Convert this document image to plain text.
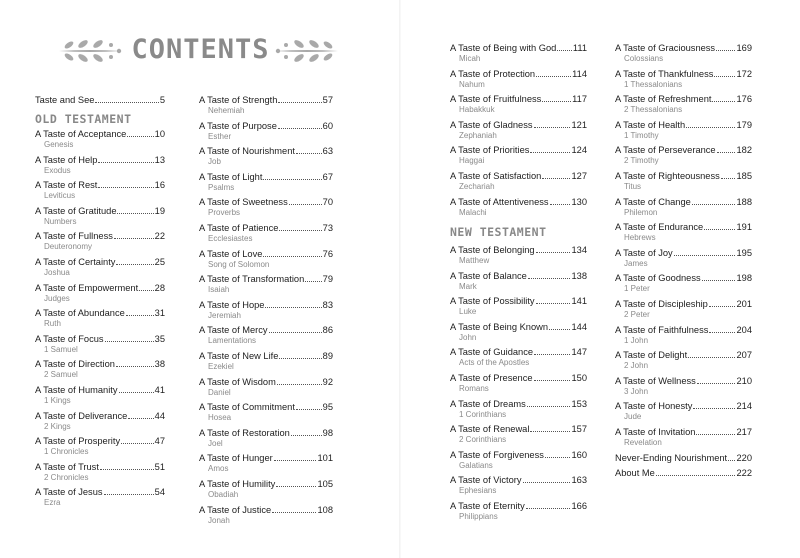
CONTENTS
Taste and See	5
OLD TESTAMENT
A Taste of Acceptance	10
Genesis
A Taste of Help	13
Exodus
A Taste of Rest	16
Leviticus
A Taste of Gratitude	19
Numbers
A Taste of Fullness	22
Deuteronomy
A Taste of Certainty	25
Joshua
A Taste of Empowerment 28
Judges
A Taste of Abundance	31
Ruth
A Taste of Focus	35
1 Samuel
A Taste of Direction	38
2 Samuel
A Taste of Humanity	41
1 Kings
A Taste of Deliverance	44
2 Kings
A Taste of Prosperity	47
1 Chronicles
A Taste of Trust	51
2 Chronicles
A Taste of Jesus	54
Ezra
A Taste of Strength	57
Nehemiah
A Taste of Purpose	60
Esther
A Taste of Nourishment	63
Job
A Taste of Light	67
Psalms
A Taste of Sweetness	70
Proverbs
A Taste of Patience	73
Ecclesiastes
A Taste of Love	76
Song of Solomon
A Taste of Transformation 79
Isaiah
A Taste of Hope	83
Jeremiah
A Taste of Mercy	86
Lamentations
A Taste of New Life	89
Ezekiel
A Taste of Wisdom	92
Daniel
A Taste of Commitment	95
Hosea
A Taste of Restoration	98
Joel
A Taste of Hunger	101
Amos
A Taste of Humility	105
Obadiah
A Taste of Justice	108
Jonah
A Taste of Being with God 111
Micah
A Taste of Protection	114
Nahum
A Taste of Fruitfulness	117
Habakkuk
A Taste of Gladness	121
Zephaniah
A Taste of Priorities	124
Haggai
A Taste of Satisfaction	127
Zechariah
A Taste of Attentiveness 130
Malachi
NEW TESTAMENT
A Taste of Belonging	134
Matthew
A Taste of Balance	138
Mark
A Taste of Possibility	141
Luke
A Taste of Being Known	144
John
A Taste of Guidance	147
Acts of the Apostles
A Taste of Presence	150
Romans
A Taste of Dreams	153
1 Corinthians
A Taste of Renewal	157
2 Corinthians
A Taste of Forgiveness	160
Galatians
A Taste of Victory	163
Ephesians
A Taste of Eternity	166
Philippians
A Taste of Graciousness 169
Colossians
A Taste of Thankfulness 172
1 Thessalonians
A Taste of Refreshment	176
2 Thessalonians
A Taste of Health	179
1 Timothy
A Taste of Perseverance 182
2 Timothy
A Taste of Righteousness 185
Titus
A Taste of Change	188
Philemon
A Taste of Endurance	191
Hebrews
A Taste of Joy	195
James
A Taste of Goodness	198
1 Peter
A Taste of Discipleship	201
2 Peter
A Taste of Faithfulness	204
1 John
A Taste of Delight	207
2 John
A Taste of Wellness	210
3 John
A Taste of Honesty	214
Jude
A Taste of Invitation	217
Revelation
Never-Ending Nourishment 220
About Me	222
